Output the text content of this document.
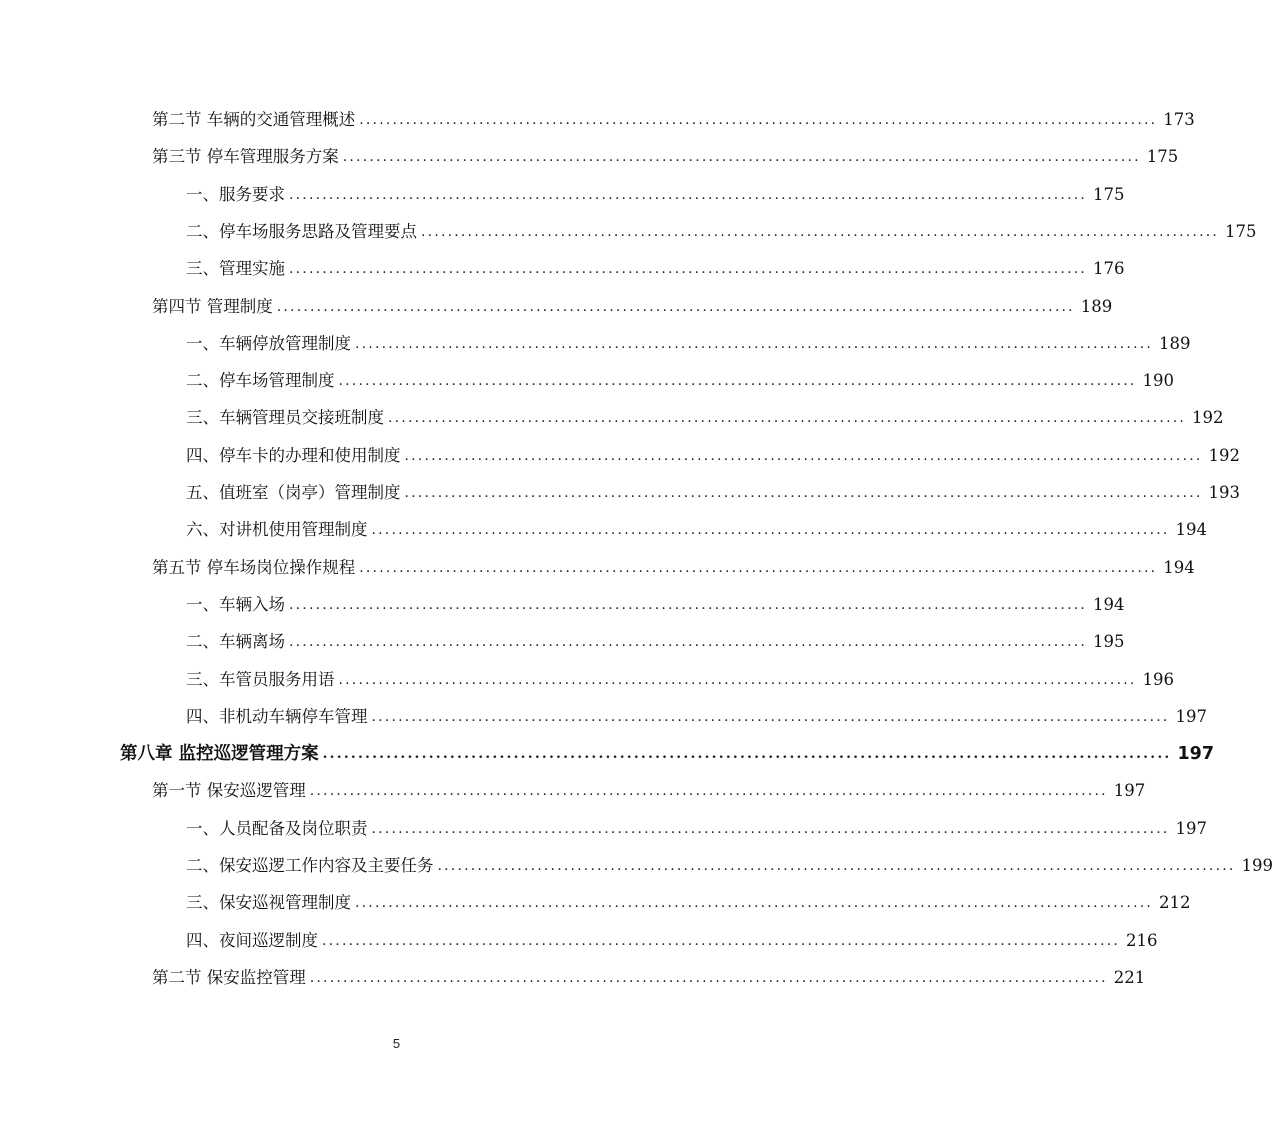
第二节 车辆的交通管理概述 ........................................................................................................................ 173
第三节 停车管理服务方案 ........................................................................................................................ 175
一、服务要求 ........................................................................................................................ 175
二、停车场服务思路及管理要点 ........................................................................................................................ 175
三、管理实施 ........................................................................................................................ 176
第四节 管理制度 ........................................................................................................................ 189
一、车辆停放管理制度 ........................................................................................................................ 189
二、停车场管理制度 ........................................................................................................................ 190
三、车辆管理员交接班制度 ........................................................................................................................ 192
四、停车卡的办理和使用制度 ........................................................................................................................ 192
五、值班室（岗亭）管理制度 ........................................................................................................................ 193
六、对讲机使用管理制度 ........................................................................................................................ 194
第五节 停车场岗位操作规程 ........................................................................................................................ 194
一、车辆入场 ........................................................................................................................ 194
二、车辆离场 ........................................................................................................................ 195
三、车管员服务用语 ........................................................................................................................ 196
四、非机动车辆停车管理 ........................................................................................................................ 197
第八章 监控巡逻管理方案 ........................................................................................................................ 197
第一节 保安巡逻管理 ........................................................................................................................ 197
一、人员配备及岗位职责 ........................................................................................................................ 197
二、保安巡逻工作内容及主要任务 ........................................................................................................................ 199
三、保安巡视管理制度 ........................................................................................................................ 212
四、夜间巡逻制度 ........................................................................................................................ 216
第二节 保安监控管理 ........................................................................................................................ 221
5
